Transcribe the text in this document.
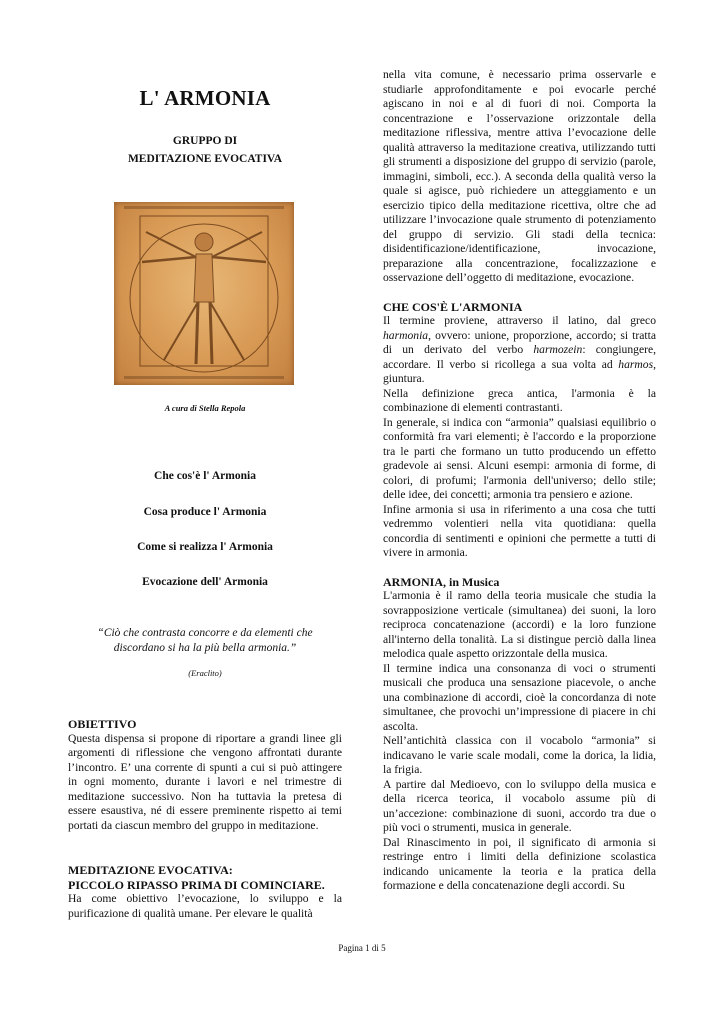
L' ARMONIA
GRUPPO DI
MEDITAZIONE EVOCATIVA
A cura di Stella Repola
Che cos'è l' Armonia
Cosa produce l' Armonia
Come si realizza l' Armonia
Evocazione dell' Armonia
“Ciò che contrasta concorre e da elementi che
discordano si ha la più bella armonia.”
(Eraclito)

OBIETTIVO

Questa dispensa si propone di riportare a grandi linee gli argomenti di riflessione che vengono affrontati durante l’incontro. E’ una corrente di spunti a cui si può attingere in ogni momento, durante i lavori e nel trimestre di meditazione successivo. Non ha tuttavia la pretesa di essere esaustiva, né di essere preminente rispetto ai temi portati da ciascun membro del gruppo in meditazione.

MEDITAZIONE EVOCATIVA:

PICCOLO RIPASSO PRIMA DI COMINCIARE.

Ha come obiettivo l’evocazione, lo sviluppo e la purificazione di qualità umane. Per elevare le qualità

nella vita comune, è necessario prima osservarle e studiarle approfonditamente e poi evocarle perché agiscano in noi e al di fuori di noi. Comporta la concentrazione e l’osservazione orizzontale della meditazione riflessiva, mentre attiva l’evocazione delle qualità attraverso la meditazione creativa, utilizzando tutti gli strumenti a disposizione del gruppo di servizio (parole, immagini, simboli, ecc.). A seconda della qualità verso la quale si agisce, può richiedere un atteggiamento e un esercizio tipico della meditazione ricettiva, oltre che ad utilizzare l’invocazione quale strumento di potenziamento del gruppo di servizio. Gli stadi della tecnica: disidentificazione/identificazione, invocazione, preparazione alla concentrazione, focalizzazione e osservazione dell’oggetto di meditazione, evocazione.

CHE COS'È L'ARMONIA

Il termine proviene, attraverso il latino, dal greco harmonia, ovvero: unione, proporzione, accordo; si tratta di un derivato del verbo harmozein: congiungere, accordare. Il verbo si ricollega a sua volta ad harmos, giuntura.

Nella definizione greca antica, l'armonia è la combinazione di elementi contrastanti.

In generale, si indica con “armonia” qualsiasi equilibrio o conformità fra vari elementi; è l'accordo e la proporzione tra le parti che formano un tutto producendo un effetto gradevole ai sensi. Alcuni esempi: armonia di forme, di colori, di profumi; l'armonia dell'universo; dello stile; delle idee, dei concetti; armonia tra pensiero e azione.

Infine armonia si usa in riferimento a una cosa che tutti vedremmo volentieri nella vita quotidiana: quella concordia di sentimenti e opinioni che permette a tutti di vivere in armonia.

ARMONIA, in Musica

L'armonia è il ramo della teoria musicale che studia la sovrapposizione verticale (simultanea) dei suoni, la loro reciproca concatenazione (accordi) e la loro funzione all'interno della tonalità. La si distingue perciò dalla linea melodica quale aspetto orizzontale della musica.

Il termine indica una consonanza di voci o strumenti musicali che produca una sensazione piacevole, o anche una combinazione di accordi, cioè la concordanza di note simultanee, che provochi un’impressione di piacere in chi ascolta.

Nell’antichità classica con il vocabolo “armonia” si indicavano le varie scale modali, come la dorica, la lidia, la frigia.

A partire dal Medioevo, con lo sviluppo della musica e della ricerca teorica, il vocabolo assume più di un’accezione: combinazione di suoni, accordo tra due o più voci o strumenti, musica in generale.

Dal Rinascimento in poi, il significato di armonia si restringe entro i limiti della definizione scolastica indicando unicamente la teoria e la pratica della formazione e della concatenazione degli accordi. Su

Pagina 1 di 5
